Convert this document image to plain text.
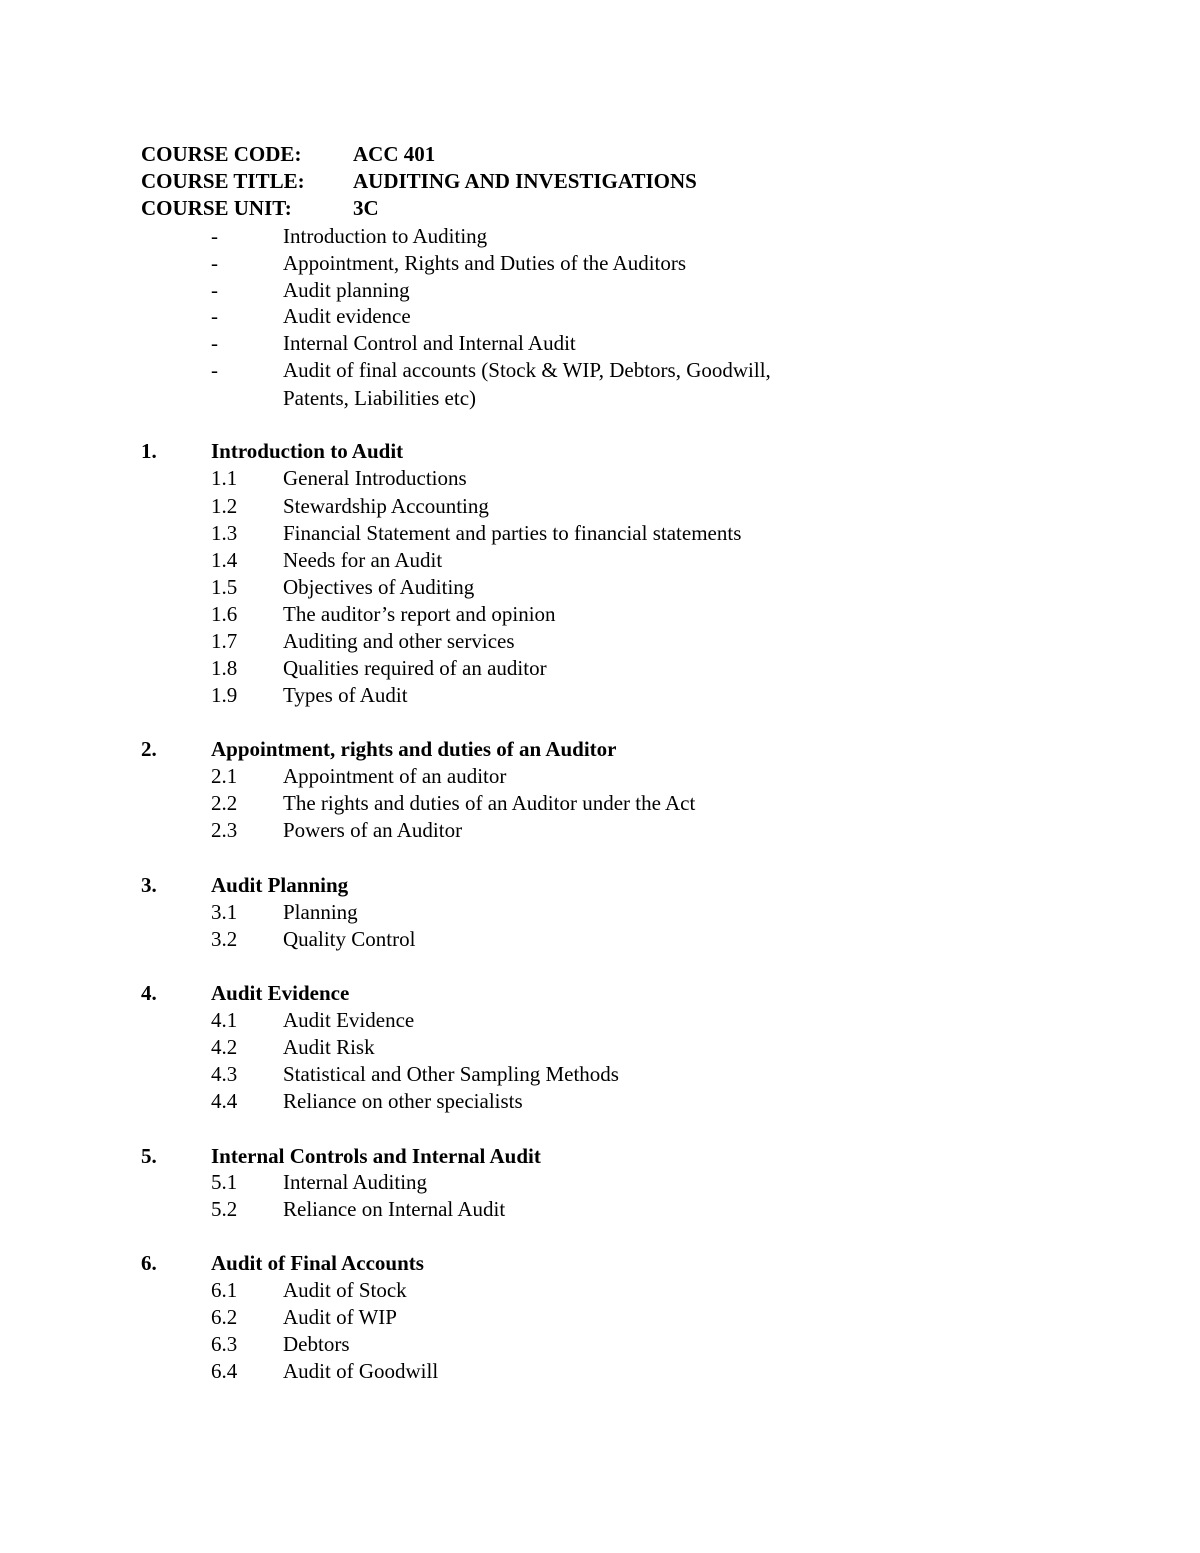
COURSE CODE: ACC 401
COURSE TITLE: AUDITING AND INVESTIGATIONS
COURSE UNIT:	3C
-	Introduction to Auditing
-	Appointment, Rights and Duties of the Auditors
-	Audit planning
-	Audit evidence
-	Internal Control and Internal Audit
-	Audit of final accounts (Stock & WIP, Debtors, Goodwill,
Patents, Liabilities etc)
1.	Introduction to Audit
1.1 General Introductions
1.2 Stewardship Accounting
1.3 Financial Statement and parties to financial statements
1.4 Needs for an Audit
1.5 Objectives of Auditing
1.6 The auditor’s report and opinion
1.7 Auditing and other services
1.8 Qualities required of an auditor
1.9 Types of Audit
2.	Appointment, rights and duties of an Auditor
2.1 Appointment of an auditor
2.2 The rights and duties of an Auditor under the Act
2.3 Powers of an Auditor
3.	Audit Planning
3.1 Planning
3.2 Quality Control
4.	Audit Evidence
4.1 Audit Evidence
4.2 Audit Risk
4.3 Statistical and Other Sampling Methods
4.4 Reliance on other specialists
5.	Internal Controls and Internal Audit
5.1 Internal Auditing
5.2 Reliance on Internal Audit
6.	Audit of Final Accounts
6.1 Audit of Stock
6.2 Audit of WIP
6.3 Debtors
6.4 Audit of Goodwill
